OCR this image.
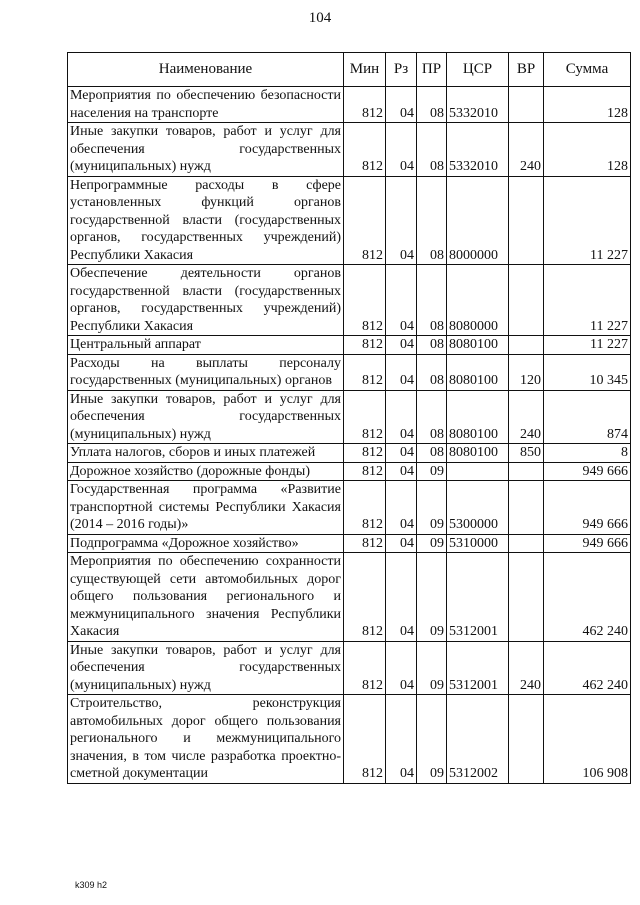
104
Наименование	Мин	Рз	ПР	ЦСР	ВР	Сумма
Мероприятия по обеспечению безопасности населения на транспорте	812	04	08	5332010		128
Иные закупки товаров, работ и услуг для обеспечения государственных (муниципальных) нужд	812	04	08	5332010	240	128
Непрограммные расходы в сфере установленных функций органов государственной власти (государственных органов, государственных учреждений) Республики Хакасия	812	04	08	8000000		11 227
Обеспечение деятельности органов государственной власти (государственных органов, государственных учреждений) Республики Хакасия	812	04	08	8080000		11 227
Центральный аппарат	812	04	08	8080100		11 227
Расходы на выплаты персоналу государственных (муниципальных) органов	812	04	08	8080100	120	10 345
Иные закупки товаров, работ и услуг для обеспечения государственных (муниципальных) нужд	812	04	08	8080100	240	874
Уплата налогов, сборов и иных платежей	812	04	08	8080100	850	8
Дорожное хозяйство (дорожные фонды)	812	04	09			949 666
Государственная программа «Развитие транспортной системы Республики Хакасия (2014 – 2016 годы)»	812	04	09	5300000		949 666
Подпрограмма «Дорожное хозяйство»	812	04	09	5310000		949 666
Мероприятия по обеспечению сохранности существующей сети автомобильных дорог общего пользования регионального и межмуниципального значения Республики Хакасия	812	04	09	5312001		462 240
Иные закупки товаров, работ и услуг для обеспечения государственных (муниципальных) нужд	812	04	09	5312001	240	462 240
Строительство, реконструкция автомобильных дорог общего пользования регионального и межмуниципального значения, в том числе разработка проектно-сметной документации	812	04	09	5312002		106 908
k309 h2
